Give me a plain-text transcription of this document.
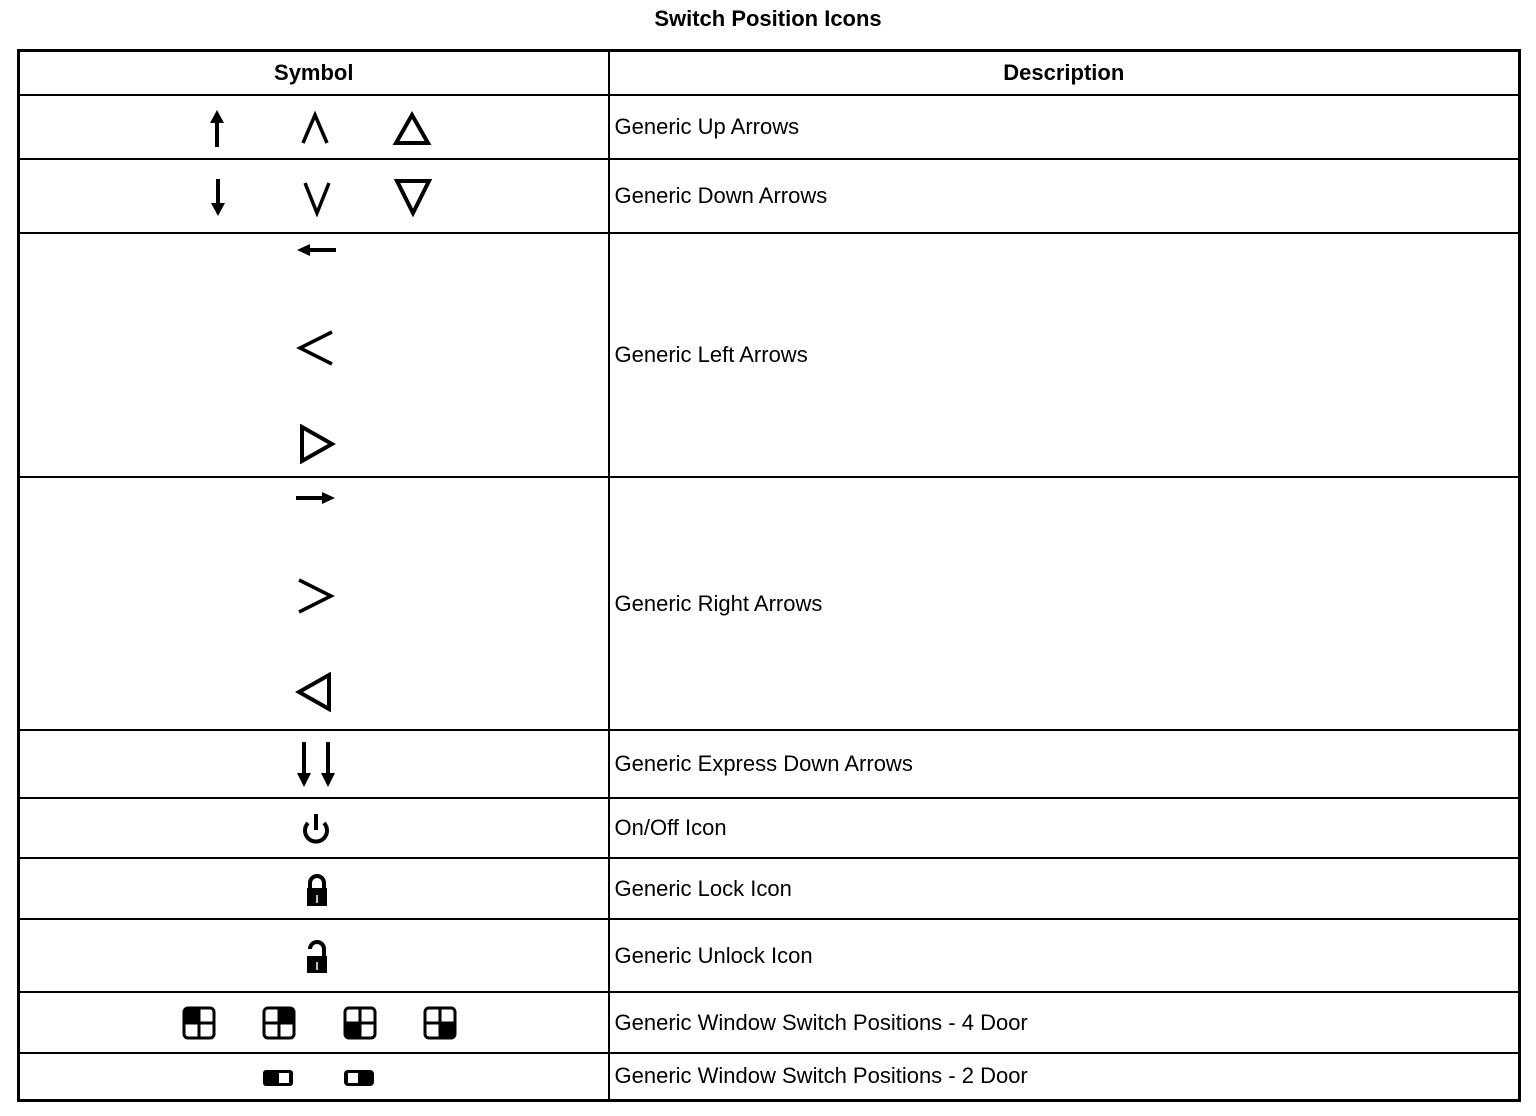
Switch Position Icons
Symbol	Description

	Generic Up Arrows

	Generic Down Arrows

	Generic Left Arrows

	Generic Right Arrows

	Generic Express Down Arrows

	On/Off Icon

	Generic Lock Icon

	Generic Unlock Icon

	Generic Window Switch Positions - 4 Door

	Generic Window Switch Positions - 2 Door
